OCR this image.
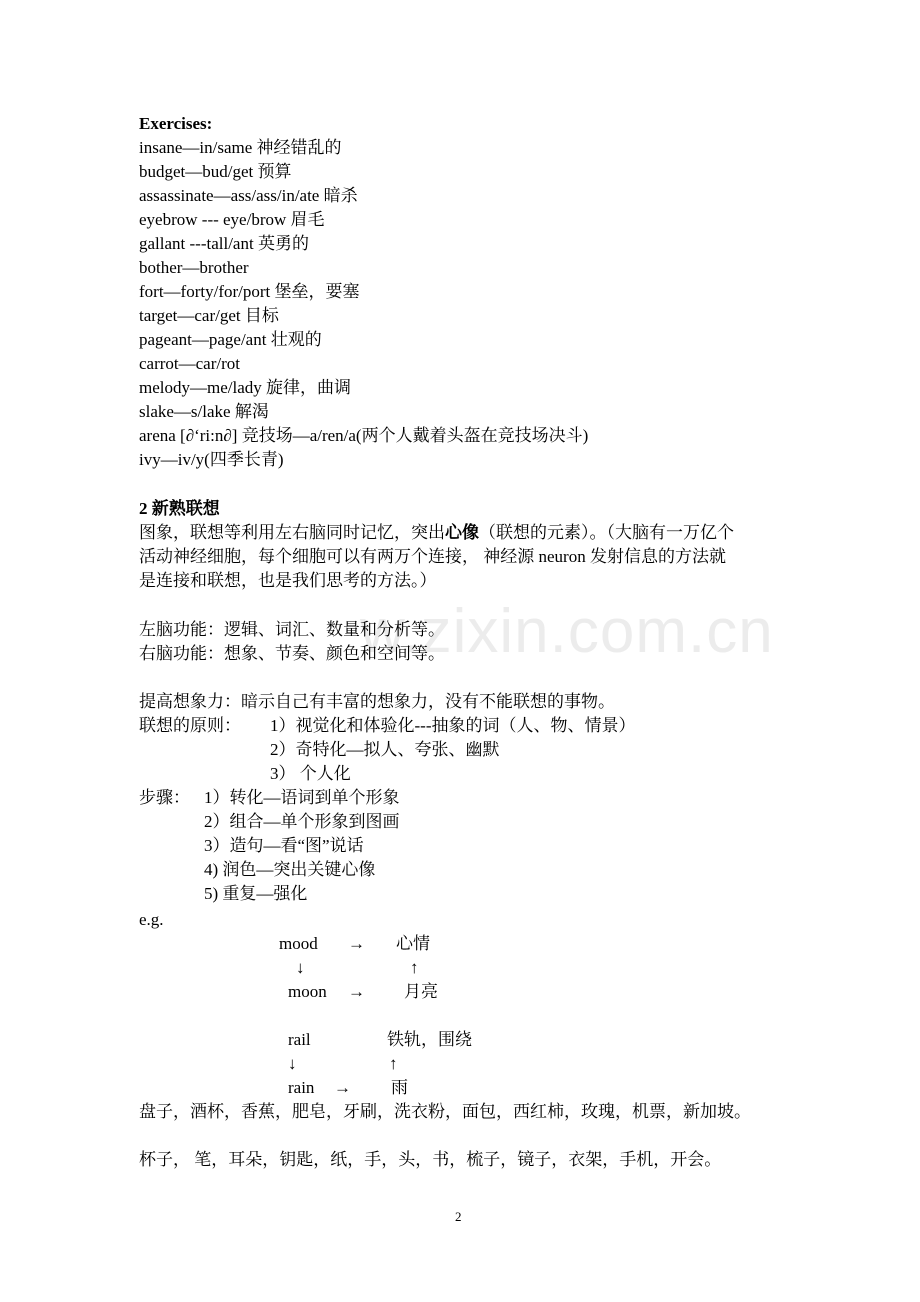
w.zixin.com.cn
Exercises:
insane—in/same 神经错乱的
budget—bud/get 预算
assassinate—ass/ass/in/ate 暗杀
eyebrow --- eye/brow 眉毛
gallant ---tall/ant 英勇的
bother—brother
fort—forty/for/port 堡垒，要塞
target—car/get 目标
pageant—page/ant 壮观的
carrot—car/rot
melody—me/lady 旋律，曲调
slake—s/lake 解渴
arena [∂‘ri:n∂] 竞技场—a/ren/a(两个人戴着头盔在竞技场决斗)
ivy—iv/y(四季长青)
2 新熟联想
图象，联想等利用左右脑同时记忆，突出心像（联想的元素）。（大脑有一万亿个
活动神经细胞，每个细胞可以有两万个连接， 神经源 neuron 发射信息的方法就
是连接和联想，也是我们思考的方法。）
左脑功能：逻辑、词汇、数量和分析等。
右脑功能：想象、节奏、颜色和空间等。
提高想象力：暗示自己有丰富的想象力，没有不能联想的事物。
联想的原则： 1）视觉化和体验化---抽象的词（人、物、情景）
2）奇特化—拟人、夸张、幽默
3） 个人化
步骤： 1）转化—语词到单个形象
2）组合—单个形象到图画
3）造句—看“图”说话
4) 润色—突出关键心像
5) 重复—强化
e.g.
mood → 心情
↓	↑
moon → 月亮
rail	铁轨，围绕
↓	↑
rain → 雨
盘子，酒杯，香蕉，肥皂，牙刷，洗衣粉，面包，西红柿，玫瑰，机票，新加坡。
杯子， 笔，耳朵，钥匙，纸，手，头，书，梳子，镜子，衣架，手机，开会。
2
